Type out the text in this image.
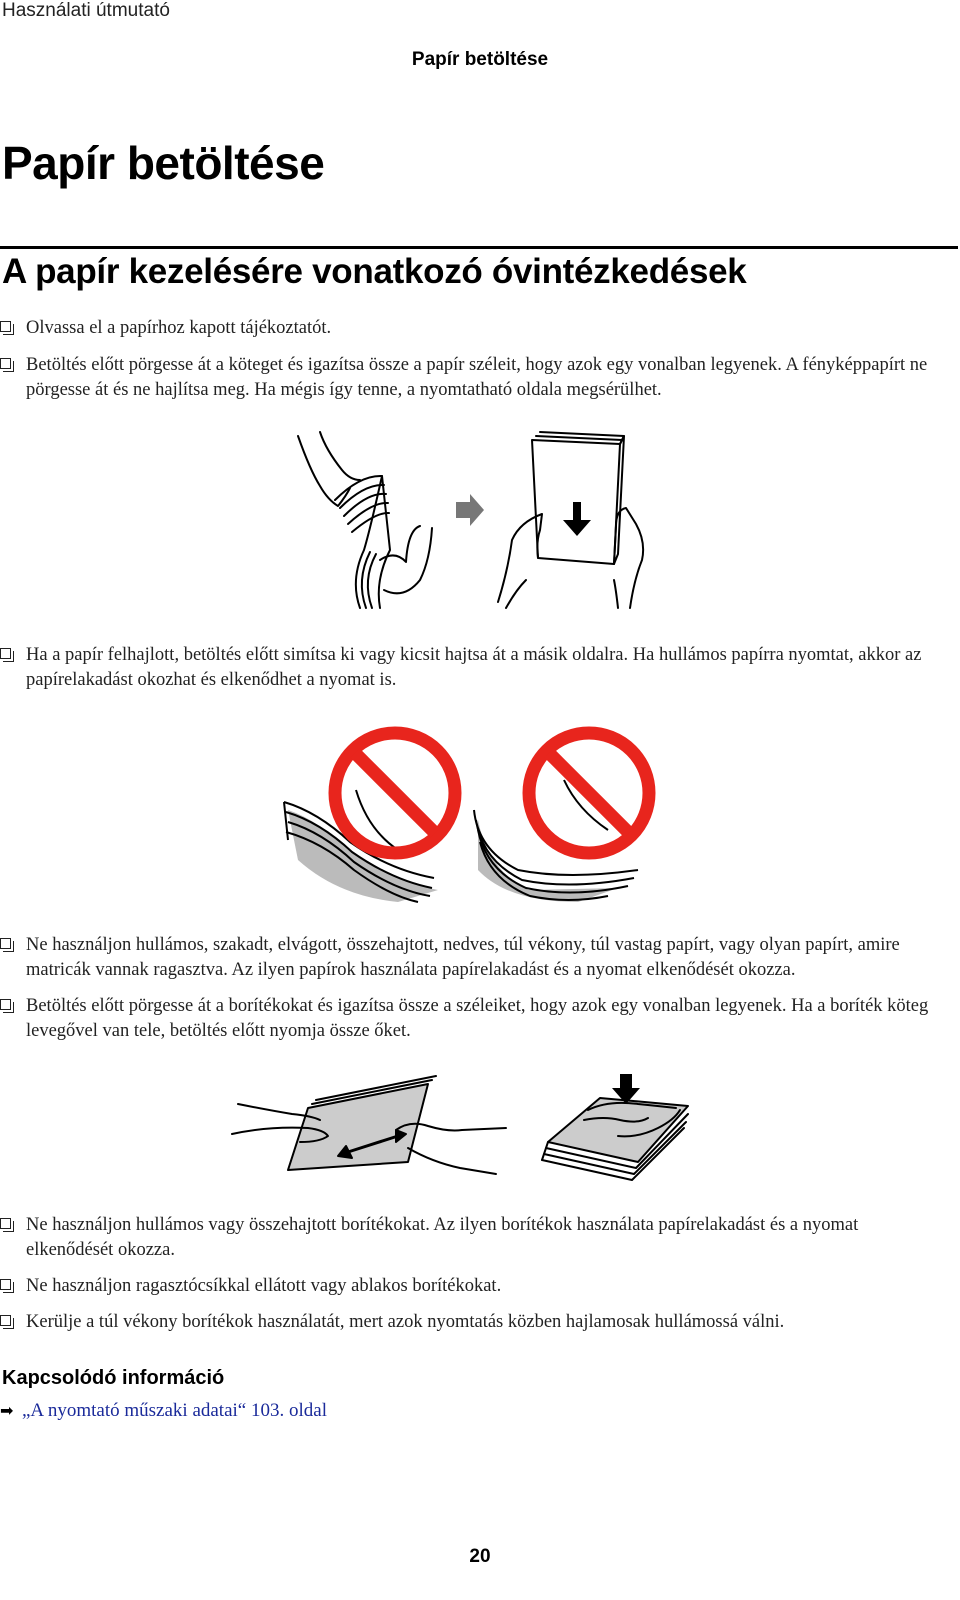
Használati útmutató
Papír betöltése
Papír betöltése
A papír kezelésére vonatkozó óvintézkedések
Olvassa el a papírhoz kapott tájékoztatót.
Betöltés előtt pörgesse át a köteget és igazítsa össze a papír széleit, hogy azok egy vonalban legyenek. A fényképpapírt ne pörgesse át és ne hajlítsa meg. Ha mégis így tenne, a nyomtatható oldala megsérülhet.
Ha a papír felhajlott, betöltés előtt simítsa ki vagy kicsit hajtsa át a másik oldalra. Ha hullámos papírra nyomtat, akkor az papírelakadást okozhat és elkenődhet a nyomat is.
Ne használjon hullámos, szakadt, elvágott, összehajtott, nedves, túl vékony, túl vastag papírt, vagy olyan papírt, amire matricák vannak ragasztva. Az ilyen papírok használata papírelakadást és a nyomat elkenődését okozza.
Betöltés előtt pörgesse át a borítékokat és igazítsa össze a széleiket, hogy azok egy vonalban legyenek. Ha a boríték köteg levegővel van tele, betöltés előtt nyomja össze őket.
Ne használjon hullámos vagy összehajtott borítékokat. Az ilyen borítékok használata papírelakadást és a nyomat elkenődését okozza.
Ne használjon ragasztócsíkkal ellátott vagy ablakos borítékokat.
Kerülje a túl vékony borítékok használatát, mert azok nyomtatás közben hajlamosak hullámossá válni.
Kapcsolódó információ
➡ „A nyomtató műszaki adatai“ 103. oldal
20
